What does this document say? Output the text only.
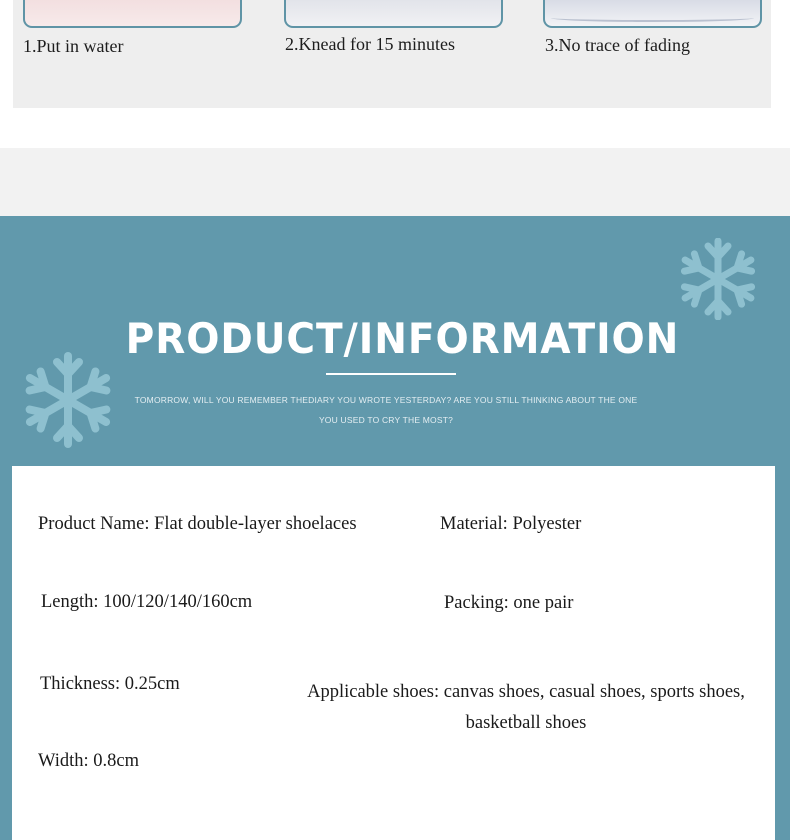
1.Put in water	2.Knead for 15 minutes	3.No trace of fading
PRODUCT/INFORMATION
TOMORROW, WILL YOU REMEMBER THEDIARY YOU WROTE YESTERDAY? ARE YOU STILL THINKING ABOUT THE ONE YOU USED TO CRY THE MOST?
Product Name: Flat double-layer shoelaces	Material: Polyester
Length: 100/120/140/160cm	Packing: one pair
Thickness: 0.25cm	Applicable shoes: canvas shoes, casual shoes, sports shoes, basketball shoes
Width: 0.8cm
